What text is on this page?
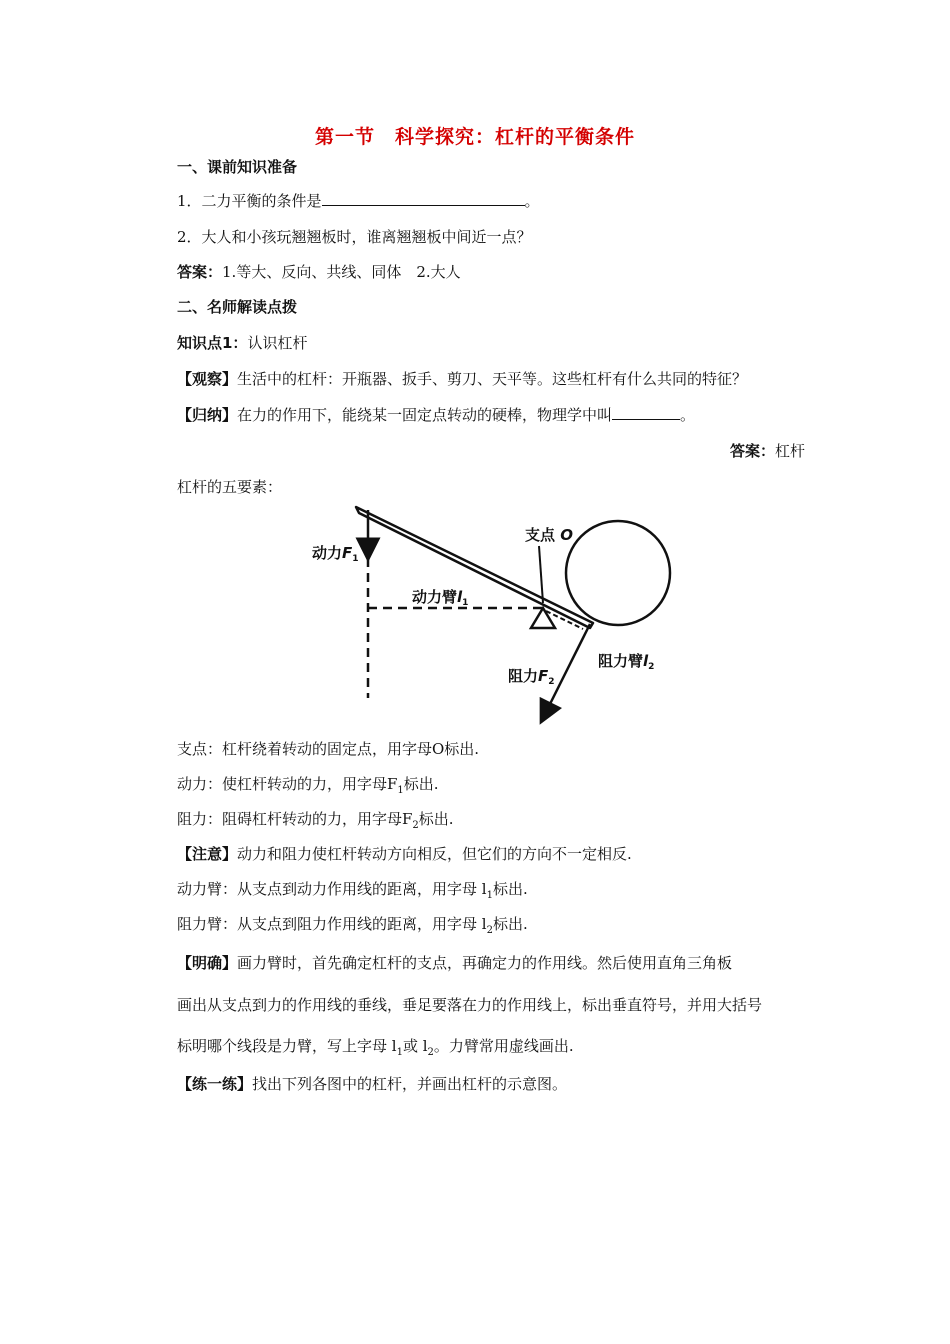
第一节　科学探究：杠杆的平衡条件
一、课前知识准备
1．二力平衡的条件是	。
2．大人和小孩玩翘翘板时，谁离翘翘板中间近一点？
答案：1.等大、反向、共线、同体　2.大人
二、名师解读点拨
知识点1：认识杠杆
【观察】生活中的杠杆：开瓶器、扳手、剪刀、天平等。这些杠杆有什么共同的特征？
【归纳】在力的作用下，能绕某一固定点转动的硬棒，物理学中叫	。
答案：杠杆
杠杆的五要素：
支点 O
动力$F_1$
动力臂$l_1$
阻力$F_2$
阻力臂$l_2$
支点：杠杆绕着转动的固定点，用字母O标出.
动力：使杠杆转动的力，用字母$F_1$标出.
阻力：阻碍杠杆转动的力，用字母$F_2$标出.
【注意】动力和阻力使杠杆转动方向相反，但它们的方向不一定相反.
动力臂：从支点到动力作用线的距离，用字母 $l_1$标出.
阻力臂：从支点到阻力作用线的距离，用字母 $l_2$标出.
【明确】画力臂时，首先确定杠杆的支点，再确定力的作用线。然后使用直角三角板
画出从支点到力的作用线的垂线，垂足要落在力的作用线上，标出垂直符号，并用大括号
标明哪个线段是力臂，写上字母 $l_1$或 $l_2$。力臂常用虚线画出.
【练一练】找出下列各图中的杠杆，并画出杠杆的示意图。
